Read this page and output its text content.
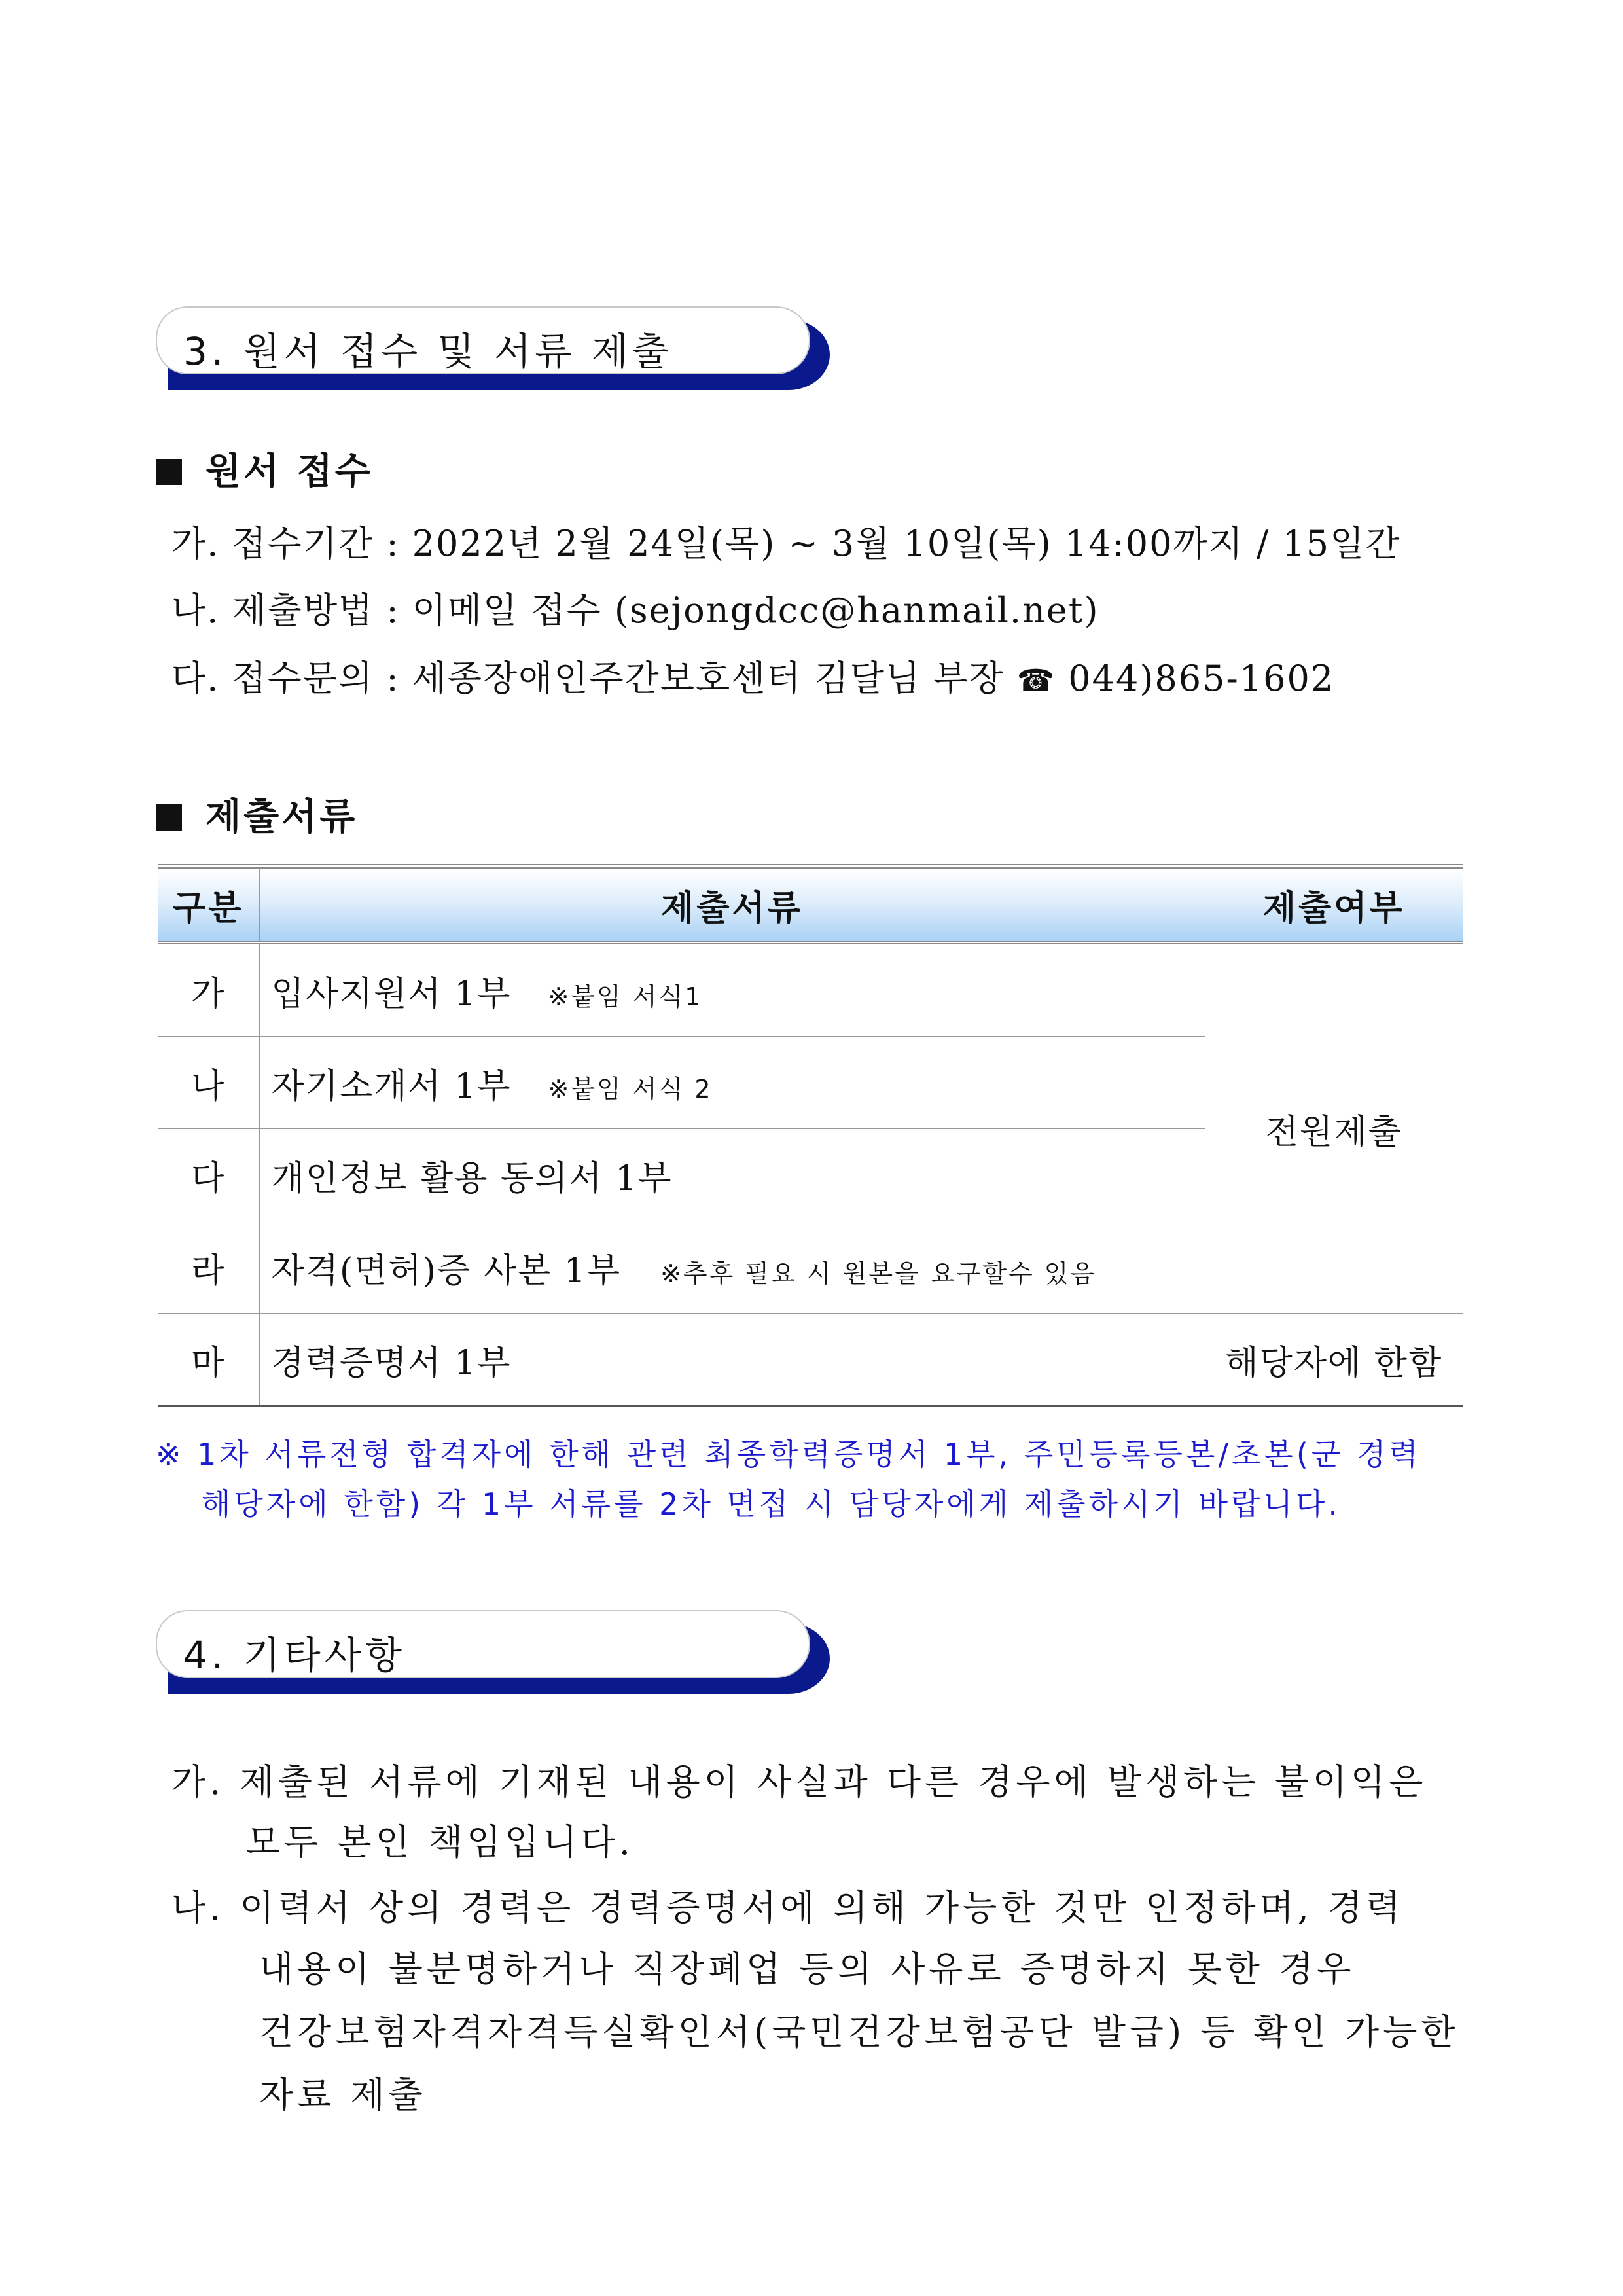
3. 원서 접수 및 서류 제출
원서 접수
가. 접수기간 : 2022년 2월 24일(목) ~ 3월 10일(목) 14:00까지 / 15일간
나. 제출방법 : 이메일 접수 (sejongdcc@hanmail.net)
다. 접수문의 : 세종장애인주간보호센터 김달님 부장 ☎ 044)865-1602
제출서류
구분	제출서류	제출여부
가	입사지원서 1부 ※붙임 서식1	전원제출
나	자기소개서 1부 ※붙임 서식 2	
다	개인정보 활용 동의서 1부	
라	자격(면허)증 사본 1부 ※추후 필요 시 원본을 요구할수 있음	
마	경력증명서 1부	해당자에 한함
※ 1차 서류전형 합격자에 한해 관련 최종학력증명서 1부, 주민등록등본/초본(군 경력
해당자에 한함) 각 1부 서류를 2차 면접 시 담당자에게 제출하시기 바랍니다.
4. 기타사항
가. 제출된 서류에 기재된 내용이 사실과 다른 경우에 발생하는 불이익은
모두 본인 책임입니다.
나. 이력서 상의 경력은 경력증명서에 의해 가능한 것만 인정하며, 경력
내용이 불분명하거나 직장폐업 등의 사유로 증명하지 못한 경우
건강보험자격자격득실확인서(국민건강보험공단 발급) 등 확인 가능한
자료 제출
